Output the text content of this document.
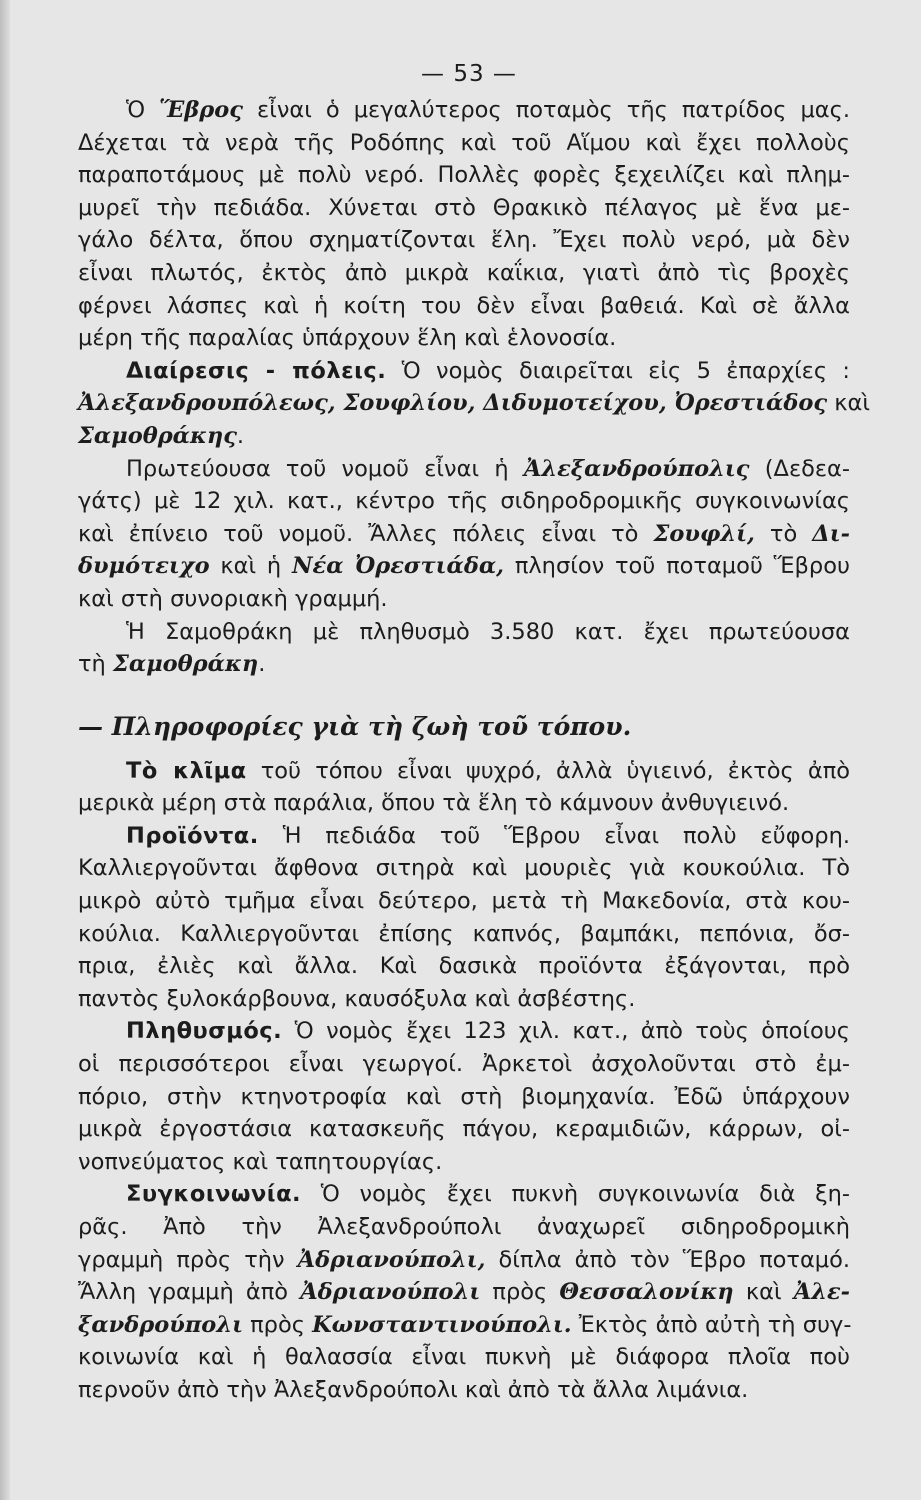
— 53 —

Ὁ Ἕβρος εἶναι ὁ μεγαλύτερος ποταμὸς τῆς πατρίδος μας.
Δέχεται τὰ νερὰ τῆς Ροδόπης καὶ τοῦ Αἵμου καὶ ἔχει πολλοὺς
παραποτάμους μὲ πολὺ νερό. Πολλὲς φορὲς ξεχειλίζει καὶ πλημ-
μυρεῖ τὴν πεδιάδα. Χύνεται στὸ Θρακικὸ πέλαγος μὲ ἕνα με-
γάλο δέλτα, ὅπου σχηματίζονται ἕλη. Ἔχει πολὺ νερό, μὰ δὲν
εἶναι πλωτός, ἐκτὸς ἀπὸ μικρὰ καΐκια, γιατὶ ἀπὸ τὶς βροχὲς
φέρνει λάσπες καὶ ἡ κοίτη του δὲν εἶναι βαθειά. Καὶ σὲ ἄλλα
μέρη τῆς παραλίας ὑπάρχουν ἕλη καὶ ἑλονοσία.

Διαίρεσις - πόλεις. Ὁ νομὸς διαιρεῖται εἰς 5 ἐπαρχίες :
Ἀλεξανδρουπόλεως, Σουφλίου, Διδυμοτείχου, Ὀρεστιάδος καὶ
Σαμοθράκης.

Πρωτεύουσα τοῦ νομοῦ εἶναι ἡ Ἀλεξανδρούπολις (Δεδεα-
γάτς) μὲ 12 χιλ. κατ., κέντρο τῆς σιδηροδρομικῆς συγκοινωνίας
καὶ ἐπίνειο τοῦ νομοῦ. Ἄλλες πόλεις εἶναι τὸ Σουφλί, τὸ Δι-
δυμότειχο καὶ ἡ Νέα Ὀρεστιάδα, πλησίον τοῦ ποταμοῦ Ἕβρου
καὶ στὴ συνοριακὴ γραμμή.

Ἡ Σαμοθράκη μὲ πληθυσμὸ 3.580 κατ. ἔχει πρωτεύουσα
τὴ Σαμοθράκη.

— Πληροφορίες γιὰ τὴ ζωὴ τοῦ τόπου.

Τὸ κλῖμα τοῦ τόπου εἶναι ψυχρό, ἀλλὰ ὑγιεινό, ἐκτὸς ἀπὸ
μερικὰ μέρη στὰ παράλια, ὅπου τὰ ἕλη τὸ κάμνουν ἀνθυγιεινό.

Προϊόντα. Ἡ πεδιάδα τοῦ Ἕβρου εἶναι πολὺ εὔφορη.
Καλλιεργοῦνται ἄφθονα σιτηρὰ καὶ μουριὲς γιὰ κουκούλια. Τὸ
μικρὸ αὐτὸ τμῆμα εἶναι δεύτερο, μετὰ τὴ Μακεδονία, στὰ κου-
κούλια. Καλλιεργοῦνται ἐπίσης καπνός, βαμπάκι, πεπόνια, ὄσ-
πρια, ἐλιὲς καὶ ἄλλα. Καὶ δασικὰ προϊόντα ἐξάγονται, πρὸ
παντὸς ξυλοκάρβουνα, καυσόξυλα καὶ ἀσβέστης.

Πληθυσμός. Ὁ νομὸς ἔχει 123 χιλ. κατ., ἀπὸ τοὺς ὁποίους
οἱ περισσότεροι εἶναι γεωργοί. Ἀρκετοὶ ἀσχολοῦνται στὸ ἐμ-
πόριο, στὴν κτηνοτροφία καὶ στὴ βιομηχανία. Ἐδῶ ὑπάρχουν
μικρὰ ἐργοστάσια κατασκευῆς πάγου, κεραμιδιῶν, κάρρων, οἰ-
νοπνεύματος καὶ ταπητουργίας.

Συγκοινωνία. Ὁ νομὸς ἔχει πυκνὴ συγκοινωνία διὰ ξη-
ρᾶς. Ἀπὸ τὴν Ἀλεξανδρούπολι ἀναχωρεῖ σιδηροδρομικὴ
γραμμὴ πρὸς τὴν Ἀδριανούπολι, δίπλα ἀπὸ τὸν Ἕβρο ποταμό.
Ἄλλη γραμμὴ ἀπὸ Ἀδριανούπολι πρὸς Θεσσαλονίκη καὶ Ἀλε-
ξανδρούπολι πρὸς Κωνσταντινούπολι. Ἐκτὸς ἀπὸ αὐτὴ τὴ συγ-
κοινωνία καὶ ἡ θαλασσία εἶναι πυκνὴ μὲ διάφορα πλοῖα ποὺ
περνοῦν ἀπὸ τὴν Ἀλεξανδρούπολι καὶ ἀπὸ τὰ ἄλλα λιμάνια.
